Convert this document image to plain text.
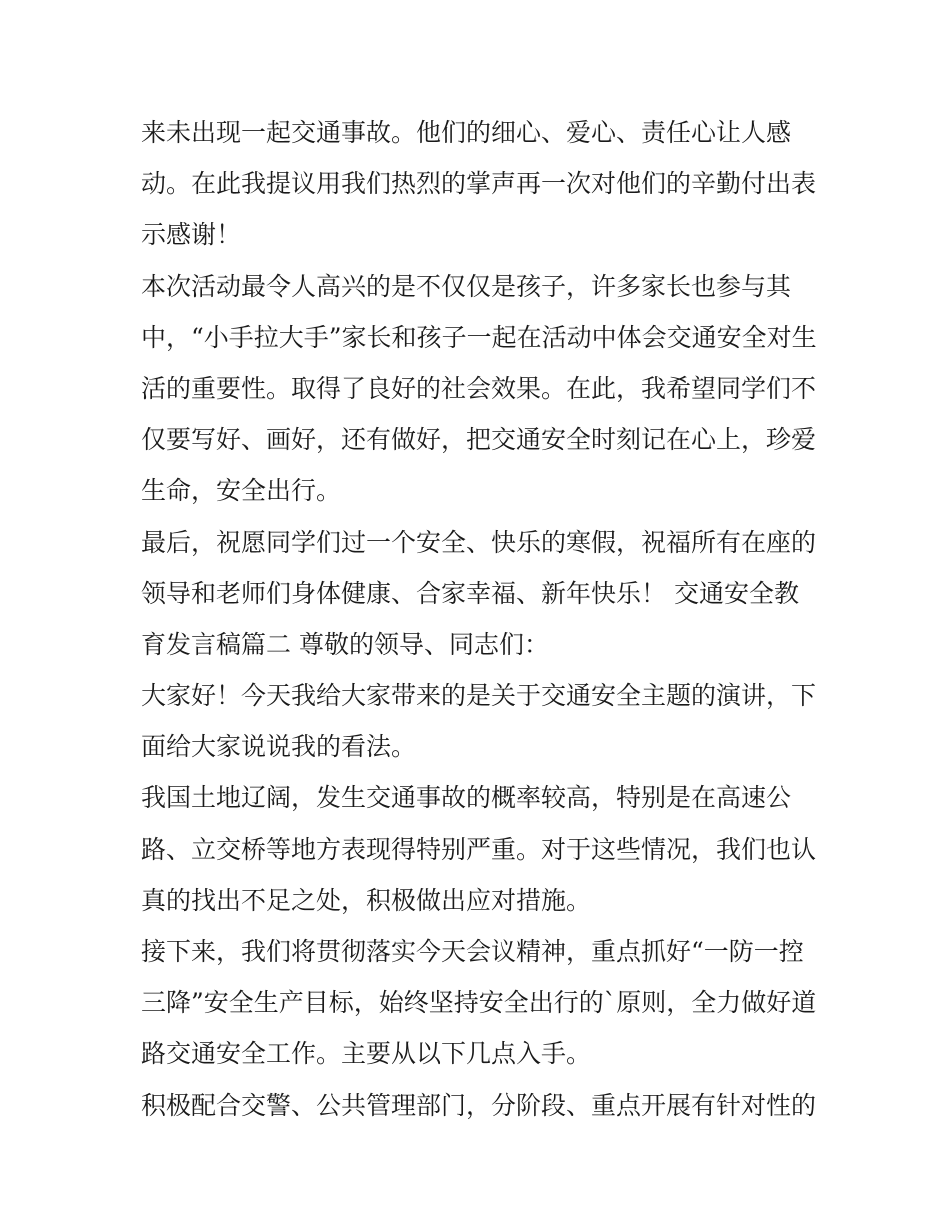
来未出现一起交通事故。他们的细心、爱心、责任心让人感
动。在此我提议用我们热烈的掌声再一次对他们的辛勤付出表
示感谢！
本次活动最令人高兴的是不仅仅是孩子，许多家长也参与其
中，“小手拉大手”家长和孩子一起在活动中体会交通安全对生
活的重要性。取得了良好的社会效果。在此，我希望同学们不
仅要写好、画好，还有做好，把交通安全时刻记在心上，珍爱
生命，安全出行。
最后，祝愿同学们过一个安全、快乐的寒假，祝福所有在座的
领导和老师们身体健康、合家幸福、新年快乐！ 交通安全教
育发言稿篇二 尊敬的领导、同志们：
大家好！今天我给大家带来的是关于交通安全主题的演讲，下
面给大家说说我的看法。
我国土地辽阔，发生交通事故的概率较高，特别是在高速公
路、立交桥等地方表现得特别严重。对于这些情况，我们也认
真的找出不足之处，积极做出应对措施。
接下来，我们将贯彻落实今天会议精神，重点抓好“一防一控
三降”安全生产目标，始终坚持安全出行的`原则，全力做好道
路交通安全工作。主要从以下几点入手。
积极配合交警、公共管理部门，分阶段、重点开展有针对性的
